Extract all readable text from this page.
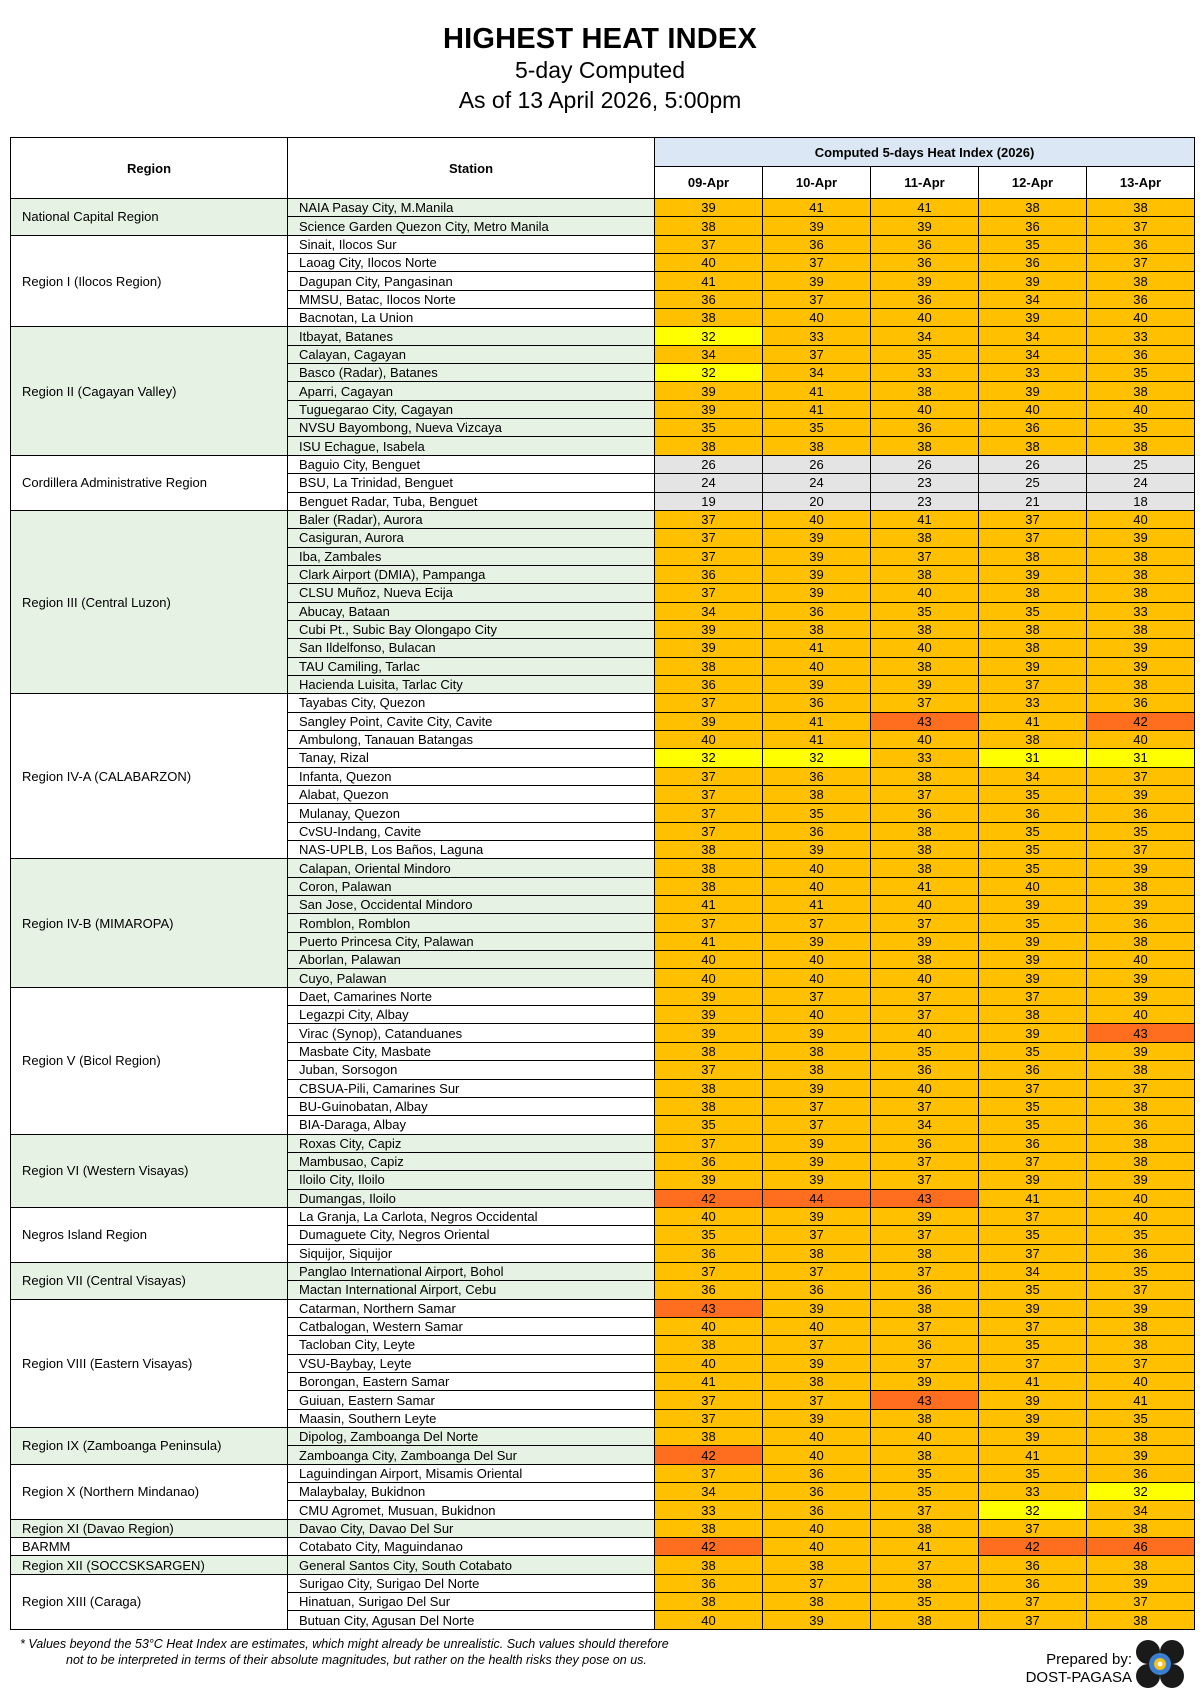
HIGHEST HEAT INDEX
5-day Computed
As of 13 April 2026, 5:00pm
Region	Station	Computed 5-days Heat Index (2026)				
		09-Apr	10-Apr	11-Apr	12-Apr	13-Apr
National Capital Region	NAIA Pasay City, M.Manila	39	41	41	38	38
	Science Garden Quezon City, Metro Manila	38	39	39	36	37
Region I (Ilocos Region)	Sinait, Ilocos Sur	37	36	36	35	36
	Laoag City, Ilocos Norte	40	37	36	36	37
	Dagupan City, Pangasinan	41	39	39	39	38
	MMSU, Batac, Ilocos Norte	36	37	36	34	36
	Bacnotan, La Union	38	40	40	39	40
Region II (Cagayan Valley)	Itbayat, Batanes	32	33	34	34	33
	Calayan, Cagayan	34	37	35	34	36
	Basco (Radar), Batanes	32	34	33	33	35
	Aparri, Cagayan	39	41	38	39	38
	Tuguegarao City, Cagayan	39	41	40	40	40
	NVSU Bayombong, Nueva Vizcaya	35	35	36	36	35
	ISU Echague, Isabela	38	38	38	38	38
Cordillera Administrative Region	Baguio City, Benguet	26	26	26	26	25
	BSU, La Trinidad, Benguet	24	24	23	25	24
	Benguet Radar, Tuba, Benguet	19	20	23	21	18
Region III (Central Luzon)	Baler (Radar), Aurora	37	40	41	37	40
	Casiguran, Aurora	37	39	38	37	39
	Iba, Zambales	37	39	37	38	38
	Clark Airport (DMIA), Pampanga	36	39	38	39	38
	CLSU Muñoz, Nueva Ecija	37	39	40	38	38
	Abucay, Bataan	34	36	35	35	33
	Cubi Pt., Subic Bay Olongapo City	39	38	38	38	38
	San Ildelfonso, Bulacan	39	41	40	38	39
	TAU Camiling, Tarlac	38	40	38	39	39
	Hacienda Luisita, Tarlac City	36	39	39	37	38
Region IV-A (CALABARZON)	Tayabas City, Quezon	37	36	37	33	36
	Sangley Point, Cavite City, Cavite	39	41	43	41	42
	Ambulong, Tanauan Batangas	40	41	40	38	40
	Tanay, Rizal	32	32	33	31	31
	Infanta, Quezon	37	36	38	34	37
	Alabat, Quezon	37	38	37	35	39
	Mulanay, Quezon	37	35	36	36	36
	CvSU-Indang, Cavite	37	36	38	35	35
	NAS-UPLB, Los Baños, Laguna	38	39	38	35	37
Region IV-B (MIMAROPA)	Calapan, Oriental Mindoro	38	40	38	35	39
	Coron, Palawan	38	40	41	40	38
	San Jose, Occidental Mindoro	41	41	40	39	39
	Romblon, Romblon	37	37	37	35	36
	Puerto Princesa City, Palawan	41	39	39	39	38
	Aborlan, Palawan	40	40	38	39	40
	Cuyo, Palawan	40	40	40	39	39
Region V (Bicol Region)	Daet, Camarines Norte	39	37	37	37	39
	Legazpi City, Albay	39	40	37	38	40
	Virac (Synop), Catanduanes	39	39	40	39	43
	Masbate City, Masbate	38	38	35	35	39
	Juban, Sorsogon	37	38	36	36	38
	CBSUA-Pili, Camarines Sur	38	39	40	37	37
	BU-Guinobatan, Albay	38	37	37	35	38
	BIA-Daraga, Albay	35	37	34	35	36
Region VI (Western Visayas)	Roxas City, Capiz	37	39	36	36	38
	Mambusao, Capiz	36	39	37	37	38
	Iloilo City, Iloilo	39	39	37	39	39
	Dumangas, Iloilo	42	44	43	41	40
Negros Island Region	La Granja, La Carlota, Negros Occidental	40	39	39	37	40
	Dumaguete City, Negros Oriental	35	37	37	35	35
	Siquijor, Siquijor	36	38	38	37	36
Region VII (Central Visayas)	Panglao International Airport, Bohol	37	37	37	34	35
	Mactan International Airport, Cebu	36	36	36	35	37
Region VIII (Eastern Visayas)	Catarman, Northern Samar	43	39	38	39	39
	Catbalogan, Western Samar	40	40	37	37	38
	Tacloban City, Leyte	38	37	36	35	38
	VSU-Baybay, Leyte	40	39	37	37	37
	Borongan, Eastern Samar	41	38	39	41	40
	Guiuan, Eastern Samar	37	37	43	39	41
	Maasin, Southern Leyte	37	39	38	39	35
Region IX (Zamboanga Peninsula)	Dipolog, Zamboanga Del Norte	38	40	40	39	38
	Zamboanga City, Zamboanga Del Sur	42	40	38	41	39
Region X (Northern Mindanao)	Laguindingan Airport, Misamis Oriental	37	36	35	35	36
	Malaybalay, Bukidnon	34	36	35	33	32
	CMU Agromet, Musuan, Bukidnon	33	36	37	32	34
Region XI (Davao Region)	Davao City, Davao Del Sur	38	40	38	37	38
BARMM	Cotabato City, Maguindanao	42	40	41	42	46
Region XII (SOCCSKSARGEN)	General Santos City, South Cotabato	38	38	37	36	38
Region XIII (Caraga)	Surigao City, Surigao Del Norte	36	37	38	36	39
	Hinatuan, Surigao Del Sur	38	38	35	37	37
	Butuan City, Agusan Del Norte	40	39	38	37	38
* Values beyond the 53°C Heat Index are estimates, which might already be unrealistic. Such values should therefore
not to be interpreted in terms of their absolute magnitudes, but rather on the health risks they pose on us.	Prepared by:
DOST-PAGASA
